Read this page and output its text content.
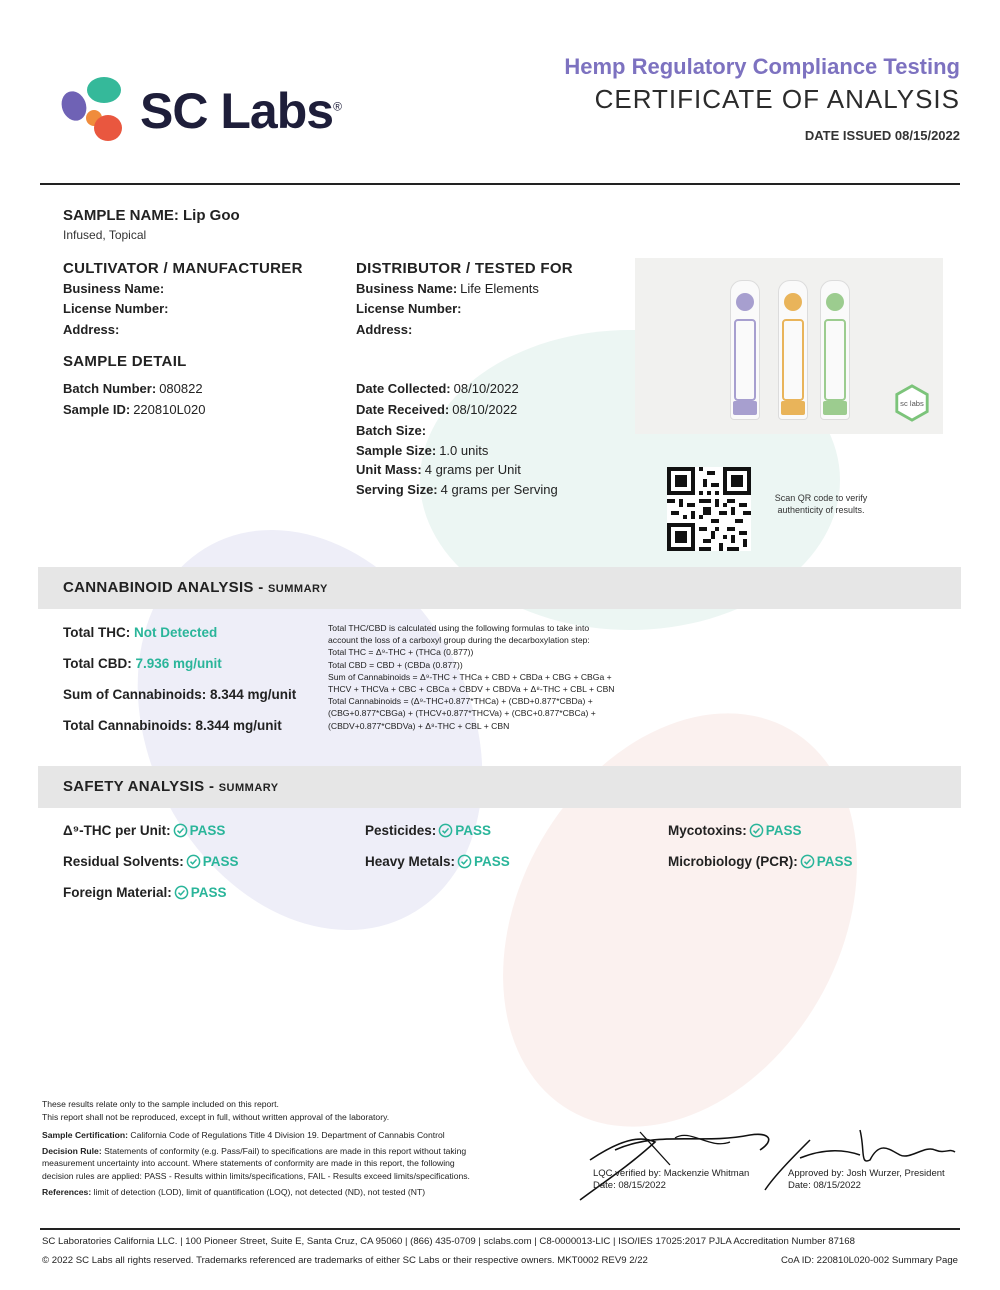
SC Labs®
Hemp Regulatory Compliance Testing
CERTIFICATE OF ANALYSIS
DATE ISSUED 08/15/2022
SAMPLE NAME: Lip Goo
Infused, Topical
CULTIVATOR / MANUFACTURER
Business Name:
License Number:
Address:
DISTRIBUTOR / TESTED FOR
Business Name: Life Elements
License Number:
Address:
SAMPLE DETAIL
Batch Number: 080822
Sample ID: 220810L020
Date Collected: 08/10/2022
Date Received: 08/10/2022
Batch Size:
Sample Size: 1.0 units
Unit Mass: 4 grams per Unit
Serving Size: 4 grams per Serving
sc labs
Scan QR code to verify authenticity of results.
CANNABINOID ANALYSIS - SUMMARY
Total THC: Not Detected
Total CBD: 7.936 mg/unit
Sum of Cannabinoids: 8.344 mg/unit
Total Cannabinoids: 8.344 mg/unit
Total THC/CBD is calculated using the following formulas to take into
account the loss of a carboxyl group during the decarboxylation step:
Total THC = Δ⁹-THC + (THCa (0.877))
Total CBD = CBD + (CBDa (0.877))
Sum of Cannabinoids = Δ⁹-THC + THCa + CBD + CBDa + CBG + CBGa +
THCV + THCVa + CBC + CBCa + CBDV + CBDVa + Δ⁸-THC + CBL + CBN
Total Cannabinoids = (Δ⁹-THC+0.877*THCa) + (CBD+0.877*CBDa) +
(CBG+0.877*CBGa) + (THCV+0.877*THCVa) + (CBC+0.877*CBCa) +
(CBDV+0.877*CBDVa) + Δ⁸-THC + CBL + CBN
SAFETY ANALYSIS - SUMMARY
Δ⁹-THC per Unit: PASS	Pesticides: PASS	Mycotoxins: PASS
Residual Solvents: PASS	Heavy Metals: PASS	Microbiology (PCR): PASS
Foreign Material: PASS
These results relate only to the sample included on this report.
This report shall not be reproduced, except in full, without written approval of the laboratory.
Sample Certification: California Code of Regulations Title 4 Division 19. Department of Cannabis Control
Decision Rule: Statements of conformity (e.g. Pass/Fail) to specifications are made in this report without taking
measurement uncertainty into account. Where statements of conformity are made in this report, the following
decision rules are applied: PASS - Results within limits/specifications, FAIL - Results exceed limits/specifications.
References: limit of detection (LOD), limit of quantification (LOQ), not detected (ND), not tested (NT)
LQC verified by: Mackenzie Whitman
Date: 08/15/2022
Approved by: Josh Wurzer, President
Date: 08/15/2022
SC Laboratories California LLC. | 100 Pioneer Street, Suite E, Santa Cruz, CA 95060 | (866) 435-0709 | sclabs.com | C8-0000013-LIC | ISO/IES 17025:2017 PJLA Accreditation Number 87168
© 2022 SC Labs all rights reserved. Trademarks referenced are trademarks of either SC Labs or their respective owners. MKT0002 REV9 2/22	CoA ID: 220810L020-002 Summary Page
